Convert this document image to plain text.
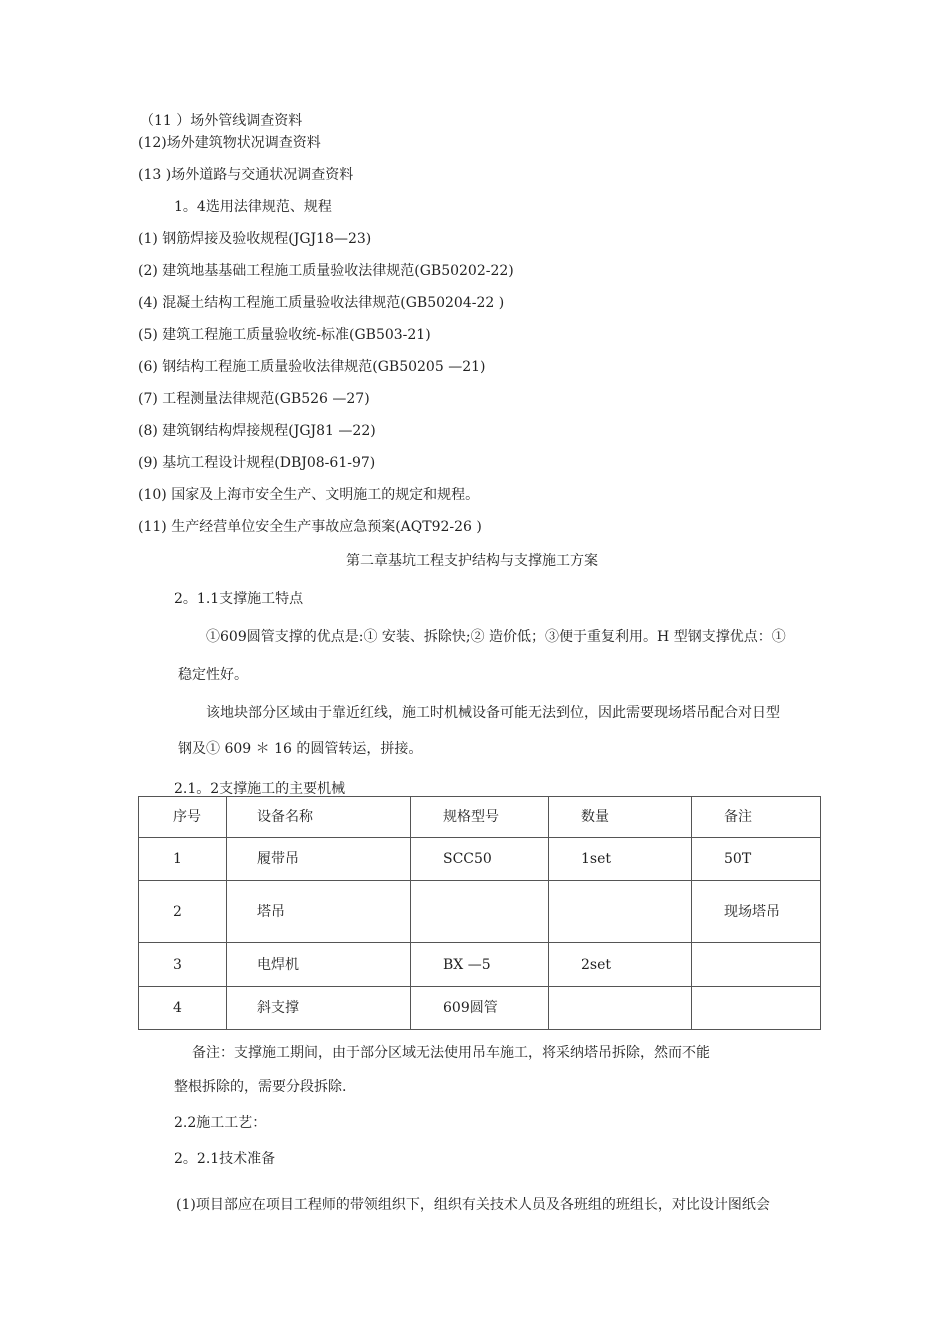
（11 ）场外管线调查资料
(12)场外建筑物状况调查资料
(13 )场外道路与交通状况调查资料
1。4选用法律规范、规程
(1) 钢筋焊接及验收规程(JGJ18—23)
(2) 建筑地基基础工程施工质量验收法律规范(GB50202-22)
(4) 混凝土结构工程施工质量验收法律规范(GB50204-22 )
(5) 建筑工程施工质量验收统-标准(GB503-21)
(6) 钢结构工程施工质量验收法律规范(GB50205 —21)
(7) 工程测量法律规范(GB526 —27)
(8) 建筑钢结构焊接规程(JGJ81 —22)
(9) 基坑工程设计规程(DBJ08-61-97)
(10) 国家及上海市安全生产、文明施工的规定和规程。
(11) 生产经营单位安全生产事故应急预案(AQT92-26 )
第二章基坑工程支护结构与支撑施工方案
2。1.1支撑施工特点
①609圆管支撑的优点是:① 安装、拆除快;② 造价低；③便于重复利用。H 型钢支撑优点：①
稳定性好。
该地块部分区域由于靠近红线，施工时机械设备可能无法到位，因此需要现场塔吊配合对日型
钢及① 609 ＊ 16 的圆管转运，拼接。
2.1。2支撑施工的主要机械
序号	设备名称	规格型号	数量	备注
1	履带吊	SCC50	1set	50T
2	塔吊			现场塔吊
3	电焊机	BX —5	2set	
4	斜支撑	609圆管		
备注：支撑施工期间，由于部分区域无法使用吊车施工，将采纳塔吊拆除，然而不能
整根拆除的，需要分段拆除.
2.2施工工艺：
2。2.1技术准备
(1)项目部应在项目工程师的带领组织下，组织有关技术人员及各班组的班组长，对比设计图纸会
